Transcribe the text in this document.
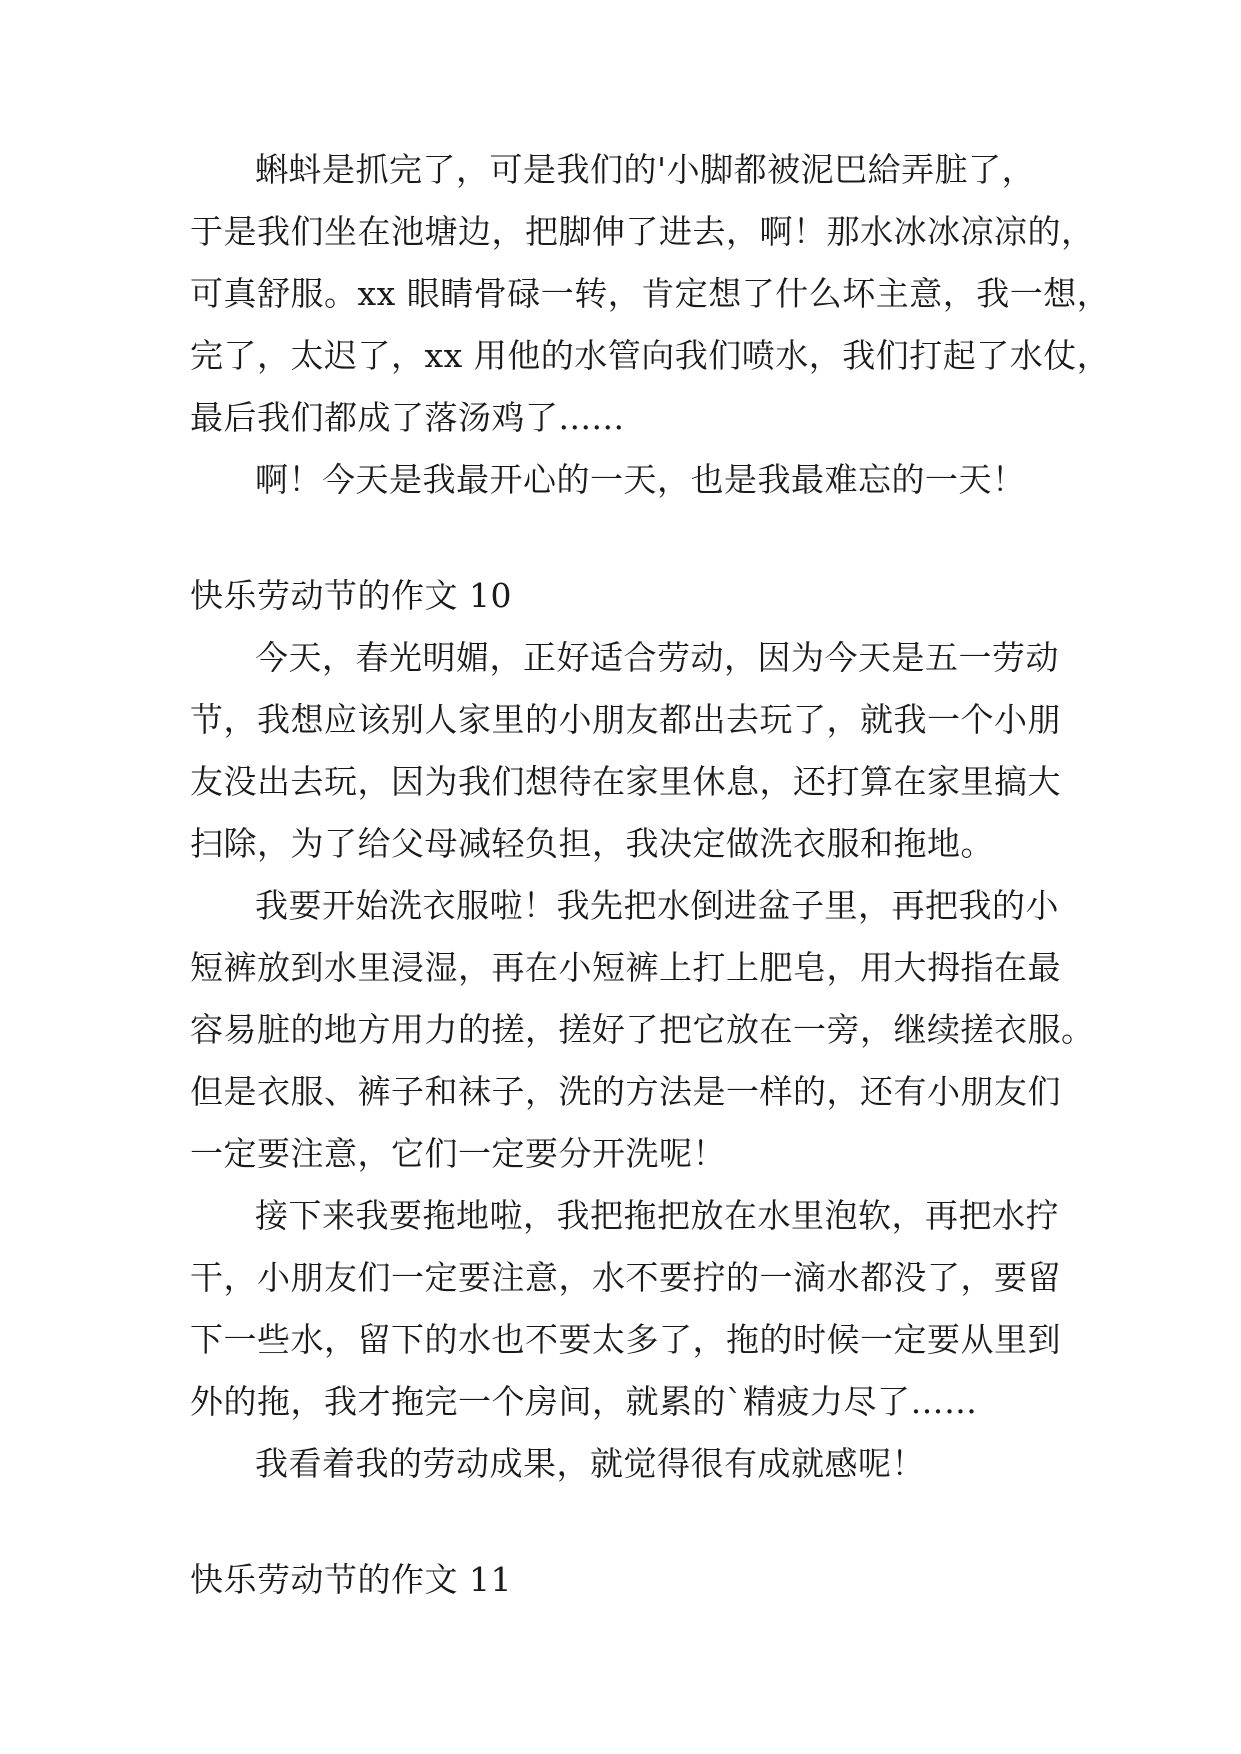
蝌蚪是抓完了，可是我们的'小脚都被泥巴給弄脏了，
于是我们坐在池塘边，把脚伸了进去，啊！那水冰冰凉凉的，
可真舒服。xx 眼睛骨碌一转，肯定想了什么坏主意，我一想，
完了，太迟了，xx 用他的水管向我们喷水，我们打起了水仗，
最后我们都成了落汤鸡了......
啊！今天是我最开心的一天，也是我最难忘的一天！
快乐劳动节的作文 10
今天，春光明媚，正好适合劳动，因为今天是五一劳动
节，我想应该别人家里的小朋友都出去玩了，就我一个小朋
友没出去玩，因为我们想待在家里休息，还打算在家里搞大
扫除，为了给父母减轻负担，我决定做洗衣服和拖地。
我要开始洗衣服啦！我先把水倒进盆子里，再把我的小
短裤放到水里浸湿，再在小短裤上打上肥皂，用大拇指在最
容易脏的地方用力的搓，搓好了把它放在一旁，继续搓衣服。
但是衣服、裤子和袜子，洗的方法是一样的，还有小朋友们
一定要注意，它们一定要分开洗呢！
接下来我要拖地啦，我把拖把放在水里泡软，再把水拧
干，小朋友们一定要注意，水不要拧的一滴水都没了，要留
下一些水，留下的水也不要太多了，拖的时候一定要从里到
外的拖，我才拖完一个房间，就累的`精疲力尽了……
我看着我的劳动成果，就觉得很有成就感呢！
快乐劳动节的作文 11
